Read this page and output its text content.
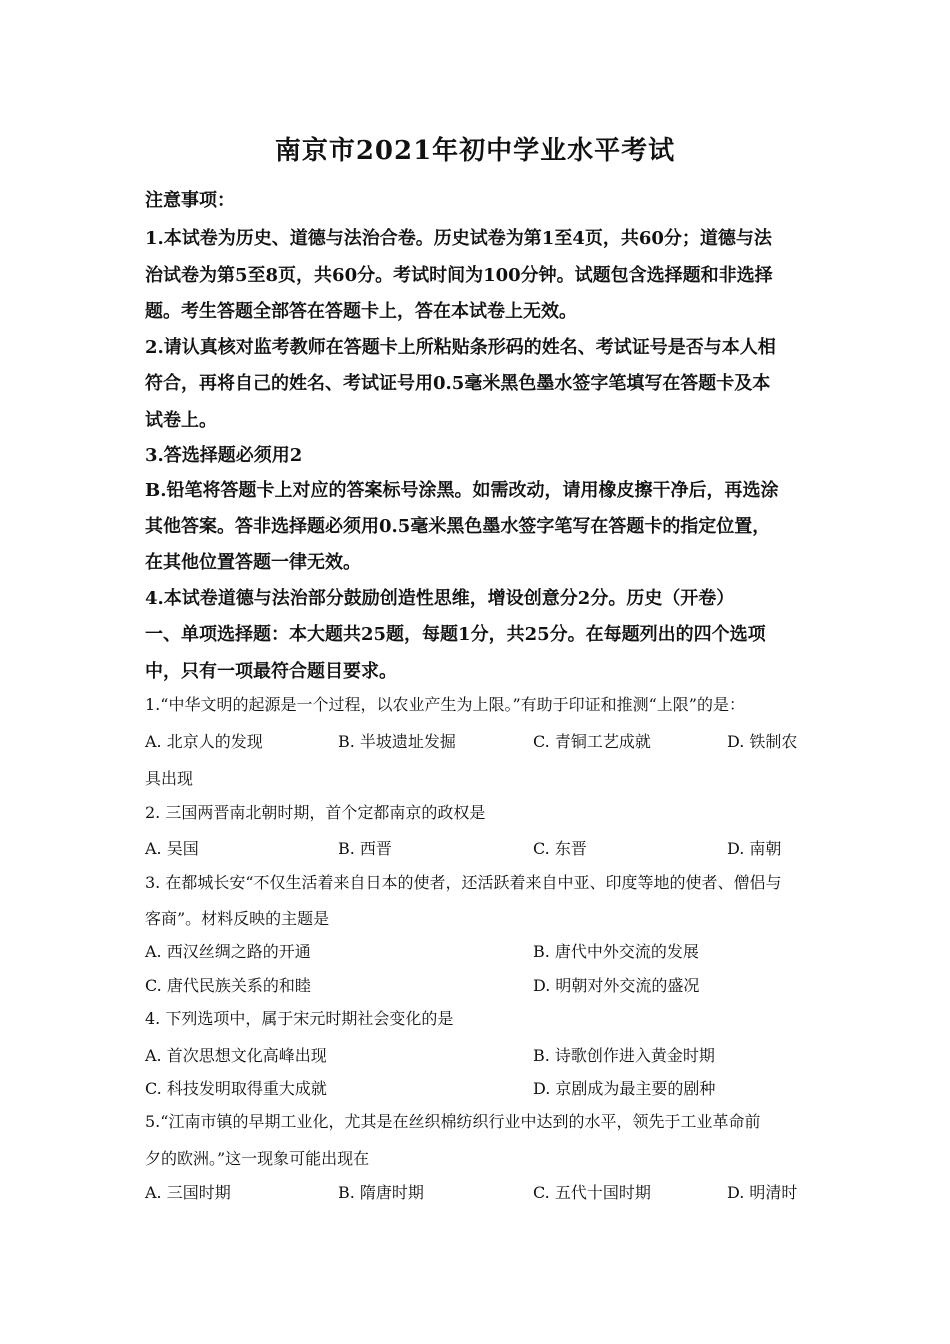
南京市2021年初中学业水平考试
注意事项：
1.本试卷为历史、道德与法治合卷。历史试卷为第1至4页，共60分；道德与法
治试卷为第5至8页，共60分。考试时间为100分钟。试题包含选择题和非选择
题。考生答题全部答在答题卡上，答在本试卷上无效。
2.请认真核对监考教师在答题卡上所粘贴条形码的姓名、考试证号是否与本人相
符合，再将自己的姓名、考试证号用0.5毫米黑色墨水签字笔填写在答题卡及本
试卷上。
3.答选择题必须用2
B.铅笔将答题卡上对应的答案标号涂黑。如需改动，请用橡皮擦干净后，再选涂
其他答案。答非选择题必须用0.5毫米黑色墨水签字笔写在答题卡的指定位置，
在其他位置答题一律无效。
4.本试卷道德与法治部分鼓励创造性思维，增设创意分2分。历史（开卷）
一、单项选择题：本大题共25题，每题1分，共25分。在每题列出的四个选项
中，只有一项最符合题目要求。
1.“中华文明的起源是一个过程，以农业产生为上限。”有助于印证和推测“上限”的是：
A. 北京人的发现	B. 半坡遗址发掘	C. 青铜工艺成就	D. 铁制农
具出现
2. 三国两晋南北朝时期，首个定都南京的政权是
A. 吴国	B. 西晋	C. 东晋	D. 南朝
3. 在都城长安“不仅生活着来自日本的使者，还活跃着来自中亚、印度等地的使者、僧侣与
客商”。材料反映的主题是
A. 西汉丝绸之路的开通	B. 唐代中外交流的发展
C. 唐代民族关系的和睦	D. 明朝对外交流的盛况
4. 下列选项中，属于宋元时期社会变化的是
A. 首次思想文化高峰出现	B. 诗歌创作进入黄金时期
C. 科技发明取得重大成就	D. 京剧成为最主要的剧种
5.“江南市镇的早期工业化，尤其是在丝织棉纺织行业中达到的水平，领先于工业革命前
夕的欧洲。”这一现象可能出现在
A. 三国时期	B. 隋唐时期	C. 五代十国时期	D. 明清时
